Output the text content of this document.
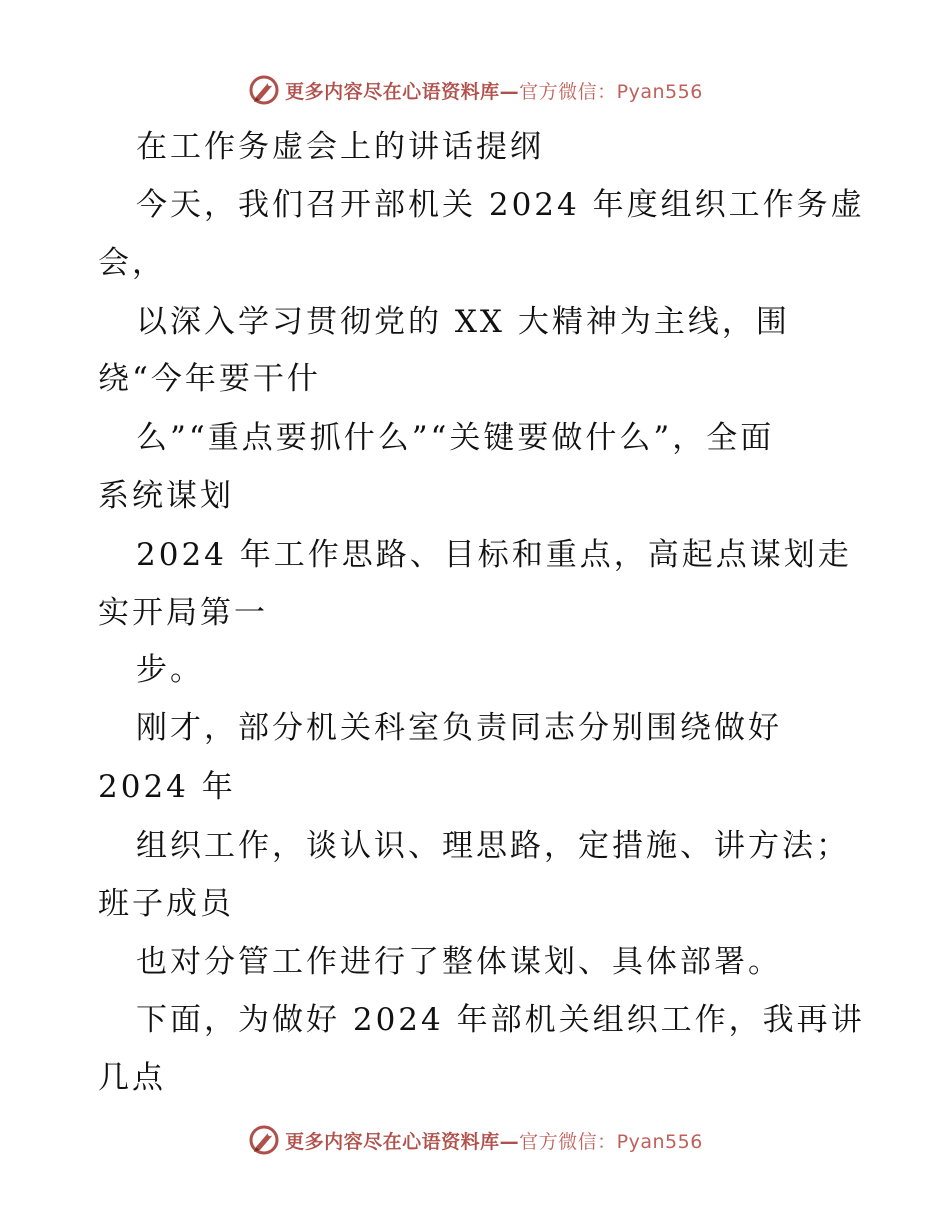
更多内容尽在心语资料库—官方微信：Pyan556
在工作务虚会上的讲话提纲
今天，我们召开部机关 2024 年度组织工作务虚
会，
以深入学习贯彻党的 XX 大精神为主线，围
绕“今年要干什
么”“重点要抓什么”“关键要做什么”，全面
系统谋划
2024 年工作思路、目标和重点，高起点谋划走
实开局第一
步。
刚才，部分机关科室负责同志分别围绕做好
2024 年
组织工作，谈认识、理思路，定措施、讲方法；
班子成员
也对分管工作进行了整体谋划、具体部署。
下面，为做好 2024 年部机关组织工作，我再讲
几点
更多内容尽在心语资料库—官方微信：Pyan556
